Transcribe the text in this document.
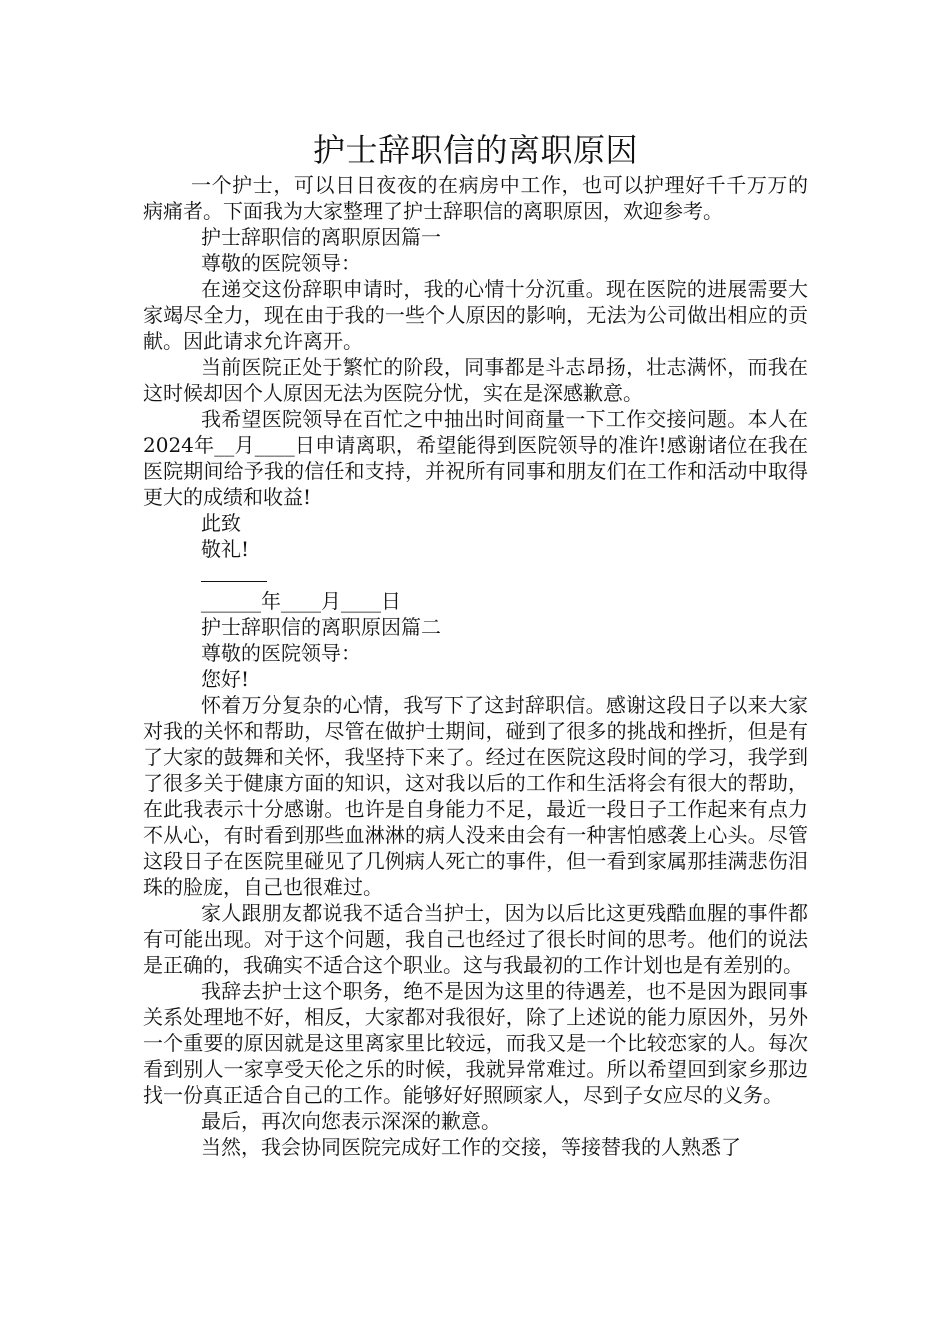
护士辞职信的离职原因

一个护士，可以日日夜夜的在病房中工作，也可以护理好千千万万的病痛者。下面我为大家整理了护士辞职信的离职原因，欢迎参考。

护士辞职信的离职原因篇一

尊敬的医院领导：

在递交这份辞职申请时，我的心情十分沉重。现在医院的进展需要大家竭尽全力，现在由于我的一些个人原因的影响，无法为公司做出相应的贡献。因此请求允许离开。

当前医院正处于繁忙的阶段，同事都是斗志昂扬，壮志满怀，而我在这时候却因个人原因无法为医院分忧，实在是深感歉意。

我希望医院领导在百忙之中抽出时间商量一下工作交接问题。本人在2024年__月____日申请离职，希望能得到医院领导的准许!感谢诸位在我在医院期间给予我的信任和支持，并祝所有同事和朋友们在工作和活动中取得更大的成绩和收益!

此致

敬礼!

______年____月____日

护士辞职信的离职原因篇二

尊敬的医院领导：

您好!

怀着万分复杂的心情，我写下了这封辞职信。感谢这段日子以来大家对我的关怀和帮助，尽管在做护士期间，碰到了很多的挑战和挫折，但是有了大家的鼓舞和关怀，我坚持下来了。经过在医院这段时间的学习，我学到了很多关于健康方面的知识，这对我以后的工作和生活将会有很大的帮助，在此我表示十分感谢。也许是自身能力不足，最近一段日子工作起来有点力不从心，有时看到那些血淋淋的病人没来由会有一种害怕感袭上心头。尽管这段日子在医院里碰见了几例病人死亡的事件，但一看到家属那挂满悲伤泪珠的脸庞，自己也很难过。

家人跟朋友都说我不适合当护士，因为以后比这更残酷血腥的事件都有可能出现。对于这个问题，我自己也经过了很长时间的思考。他们的说法是正确的，我确实不适合这个职业。这与我最初的工作计划也是有差别的。

我辞去护士这个职务，绝不是因为这里的待遇差，也不是因为跟同事关系处理地不好，相反，大家都对我很好，除了上述说的能力原因外，另外一个重要的原因就是这里离家里比较远，而我又是一个比较恋家的人。每次看到别人一家享受天伦之乐的时候，我就异常难过。所以希望回到家乡那边找一份真正适合自己的工作。能够好好照顾家人，尽到子女应尽的义务。

最后，再次向您表示深深的歉意。

当然，我会协同医院完成好工作的交接，等接替我的人熟悉了
